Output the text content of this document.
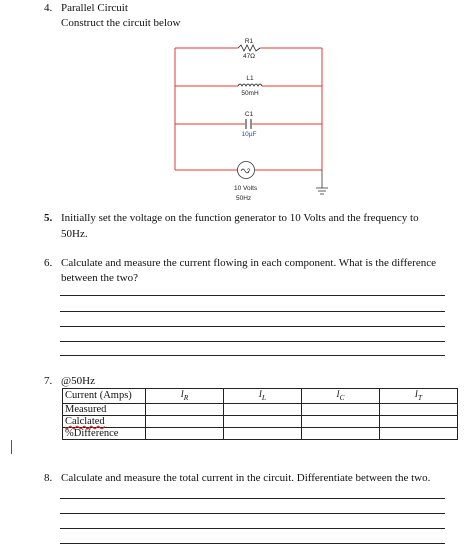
4. Parallel Circuit
Construct the circuit below
?
R1
47Ω
L1
50mH
C1
10µF
10 Volts
50Hz
5. Initially set the voltage on the function generator to 10 Volts and the frequency to
50Hz.
6. Calculate and measure the current flowing in each component. What is the difference
between the two?
7. @50Hz
Current (Amps)	$I_R$	$I_L$	$I_C$	$I_T$
Measured				
Calclated				
%Difference				
8. Calculate and measure the total current in the circuit. Differentiate between the two.
